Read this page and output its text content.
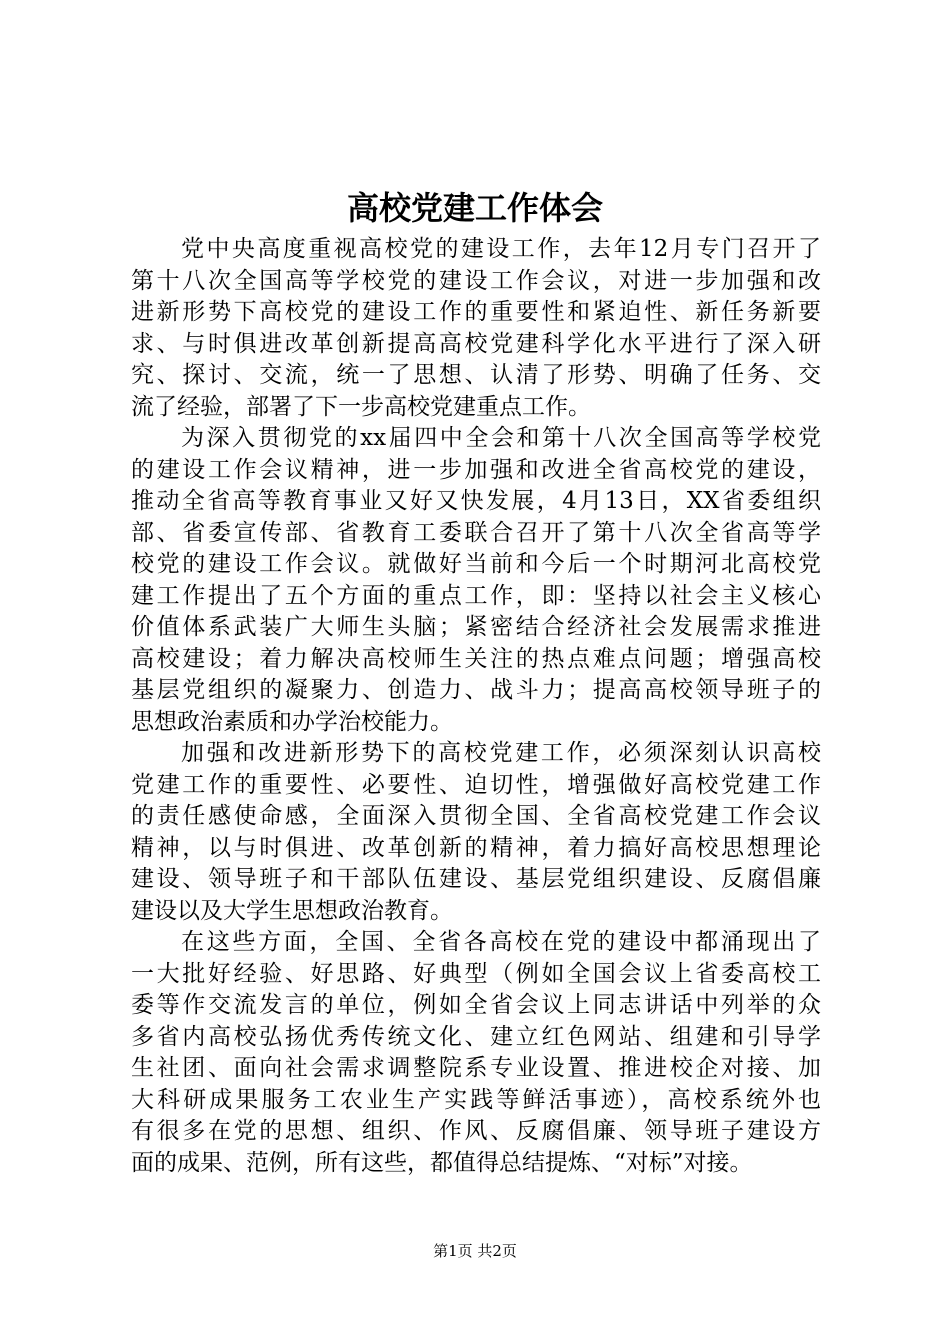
高校党建工作体会
党中央高度重视高校党的建设工作，去年12月专门召开了
第十八次全国高等学校党的建设工作会议，对进一步加强和改
进新形势下高校党的建设工作的重要性和紧迫性、新任务新要
求、与时俱进改革创新提高高校党建科学化水平进行了深入研
究、探讨、交流，统一了思想、认清了形势、明确了任务、交
流了经验，部署了下一步高校党建重点工作。
为深入贯彻党的xx届四中全会和第十八次全国高等学校党
的建设工作会议精神，进一步加强和改进全省高校党的建设，
推动全省高等教育事业又好又快发展，4月13日，XX省委组织
部、省委宣传部、省教育工委联合召开了第十八次全省高等学
校党的建设工作会议。就做好当前和今后一个时期河北高校党
建工作提出了五个方面的重点工作，即：坚持以社会主义核心
价值体系武装广大师生头脑；紧密结合经济社会发展需求推进
高校建设；着力解决高校师生关注的热点难点问题；增强高校
基层党组织的凝聚力、创造力、战斗力；提高高校领导班子的
思想政治素质和办学治校能力。
加强和改进新形势下的高校党建工作，必须深刻认识高校
党建工作的重要性、必要性、迫切性，增强做好高校党建工作
的责任感使命感，全面深入贯彻全国、全省高校党建工作会议
精神，以与时俱进、改革创新的精神，着力搞好高校思想理论
建设、领导班子和干部队伍建设、基层党组织建设、反腐倡廉
建设以及大学生思想政治教育。
在这些方面，全国、全省各高校在党的建设中都涌现出了
一大批好经验、好思路、好典型（例如全国会议上省委高校工
委等作交流发言的单位，例如全省会议上同志讲话中列举的众
多省内高校弘扬优秀传统文化、建立红色网站、组建和引导学
生社团、面向社会需求调整院系专业设置、推进校企对接、加
大科研成果服务工农业生产实践等鲜活事迹），高校系统外也
有很多在党的思想、组织、作风、反腐倡廉、领导班子建设方
面的成果、范例，所有这些，都值得总结提炼、“对标”对接。
第1页 共2页
